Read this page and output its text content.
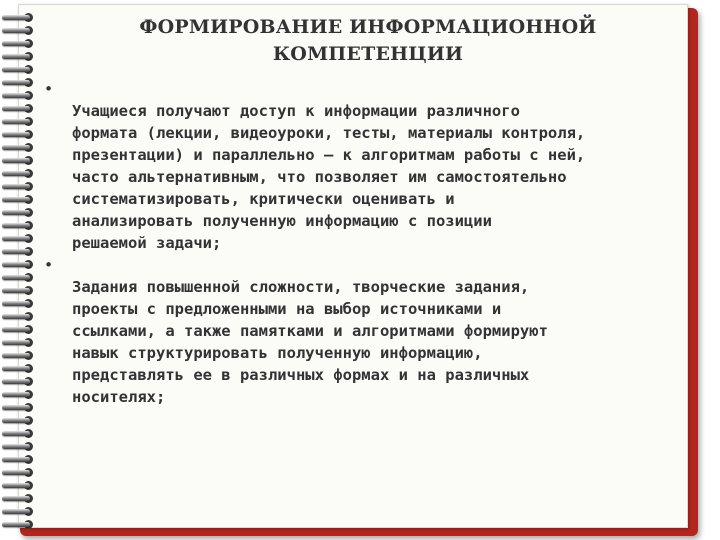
ФОРМИРОВАНИЕ ИНФОРМАЦИОННОЙ
КОМПЕТЕНЦИИ

•
Учащиеся получают доступ к информации различного
формата (лекции, видеоуроки, тесты, материалы контроля,
презентации) и параллельно – к алгоритмам работы с ней,
часто альтернативным, что позволяет им самостоятельно
систематизировать, критически оценивать и
анализировать полученную информацию с позиции
решаемой задачи;

•
Задания повышенной сложности, творческие задания,
проекты с предложенными на выбор источниками и
ссылками, а также памятками и алгоритмами формируют
навык структурировать полученную информацию,
представлять ее в различных формах и на различных
носителях;
